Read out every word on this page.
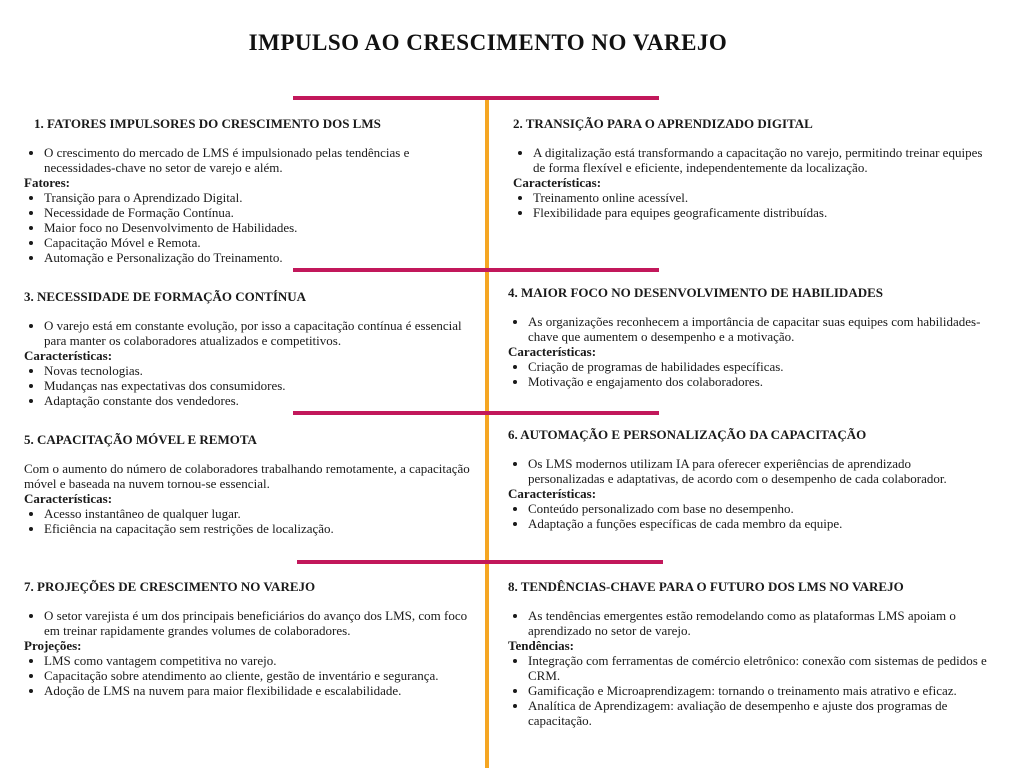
IMPULSO AO CRESCIMENTO NO VAREJO
1. FATORES IMPULSORES DO CRESCIMENTO DOS LMS
• O crescimento do mercado de LMS é impulsionado pelas tendências e necessidades-chave no setor de varejo e além.
Fatores:
• Transição para o Aprendizado Digital.
• Necessidade de Formação Contínua.
• Maior foco no Desenvolvimento de Habilidades.
• Capacitação Móvel e Remota.
• Automação e Personalização do Treinamento.
2. TRANSIÇÃO PARA O APRENDIZADO DIGITAL
• A digitalização está transformando a capacitação no varejo, permitindo treinar equipes de forma flexível e eficiente, independentemente da localização.
Características:
• Treinamento online acessível.
• Flexibilidade para equipes geograficamente distribuídas.
3. NECESSIDADE DE FORMAÇÃO CONTÍNUA
• O varejo está em constante evolução, por isso a capacitação contínua é essencial para manter os colaboradores atualizados e competitivos.
Características:
• Novas tecnologias.
• Mudanças nas expectativas dos consumidores.
• Adaptação constante dos vendedores.
4. MAIOR FOCO NO DESENVOLVIMENTO DE HABILIDADES
• As organizações reconhecem a importância de capacitar suas equipes com habilidades-chave que aumentem o desempenho e a motivação.
Características:
• Criação de programas de habilidades específicas.
• Motivação e engajamento dos colaboradores.
5. CAPACITAÇÃO MÓVEL E REMOTA

Com o aumento do número de colaboradores trabalhando remotamente, a capacitação móvel e baseada na nuvem tornou-se essencial.

Características:
• Acesso instantâneo de qualquer lugar.
• Eficiência na capacitação sem restrições de localização.
6. AUTOMAÇÃO E PERSONALIZAÇÃO DA CAPACITAÇÃO
• Os LMS modernos utilizam IA para oferecer experiências de aprendizado personalizadas e adaptativas, de acordo com o desempenho de cada colaborador.
Características:
• Conteúdo personalizado com base no desempenho.
• Adaptação a funções específicas de cada membro da equipe.
7. PROJEÇÕES DE CRESCIMENTO NO VAREJO
• O setor varejista é um dos principais beneficiários do avanço dos LMS, com foco em treinar rapidamente grandes volumes de colaboradores.
Projeções:
• LMS como vantagem competitiva no varejo.
• Capacitação sobre atendimento ao cliente, gestão de inventário e segurança.
• Adoção de LMS na nuvem para maior flexibilidade e escalabilidade.
8. TENDÊNCIAS-CHAVE PARA O FUTURO DOS LMS NO VAREJO
• As tendências emergentes estão remodelando como as plataformas LMS apoiam o aprendizado no setor de varejo.
Tendências:
• Integração com ferramentas de comércio eletrônico: conexão com sistemas de pedidos e CRM.
• Gamificação e Microaprendizagem: tornando o treinamento mais atrativo e eficaz.
• Analítica de Aprendizagem: avaliação de desempenho e ajuste dos programas de capacitação.
